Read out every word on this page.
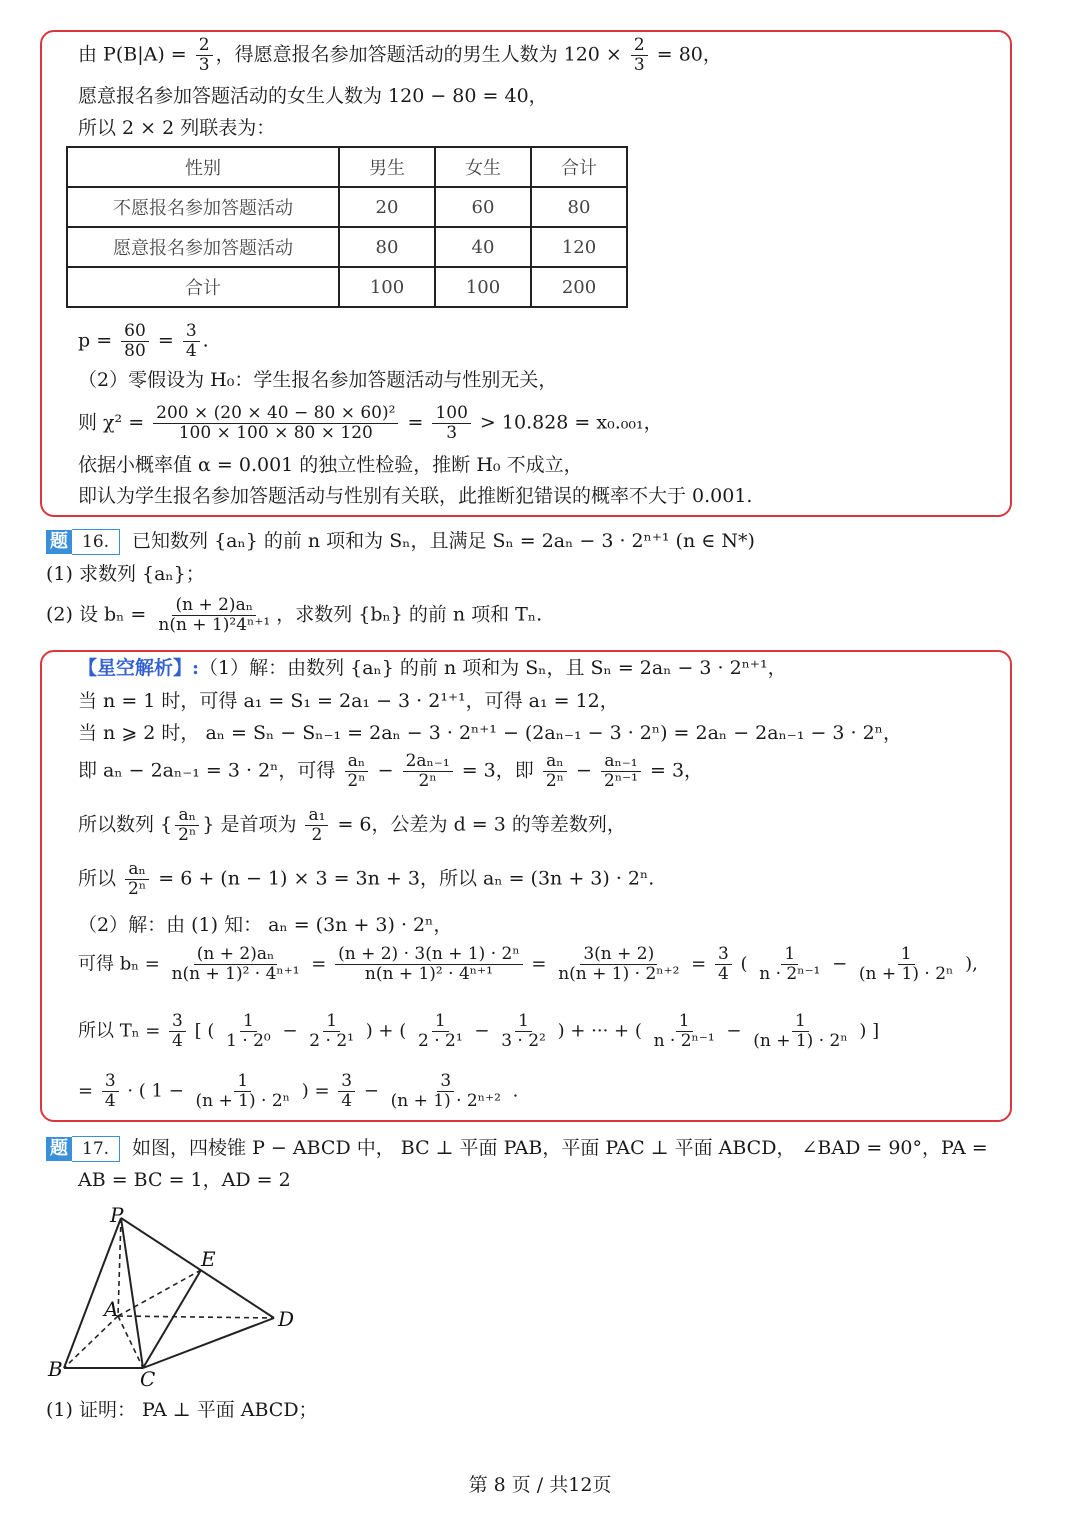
由 $P(B|A) = \frac{2}{3}$ ，得愿意报名参加答题活动的男生人数为 $120 \times \frac{2}{3} = 80$，
愿意报名参加答题活动的女生人数为 120 − 80 = 40，
所以 2 × 2 列联表为：
性别	男生	女生	合计
不愿报名参加答题活动	20	60	80
愿意报名参加答题活动	80	40	120
合计	100	100	200
$p = \frac{60}{80} = \frac{3}{4}$ .
（2）零假设为 H₀：学生报名参加答题活动与性别无关，
则 $\chi^2 = \frac{\text{200 × (20 × 40 − 80 × 60)²}}{100 \times 100 \times 80 \times 120} = \frac{100}{3} > 10.828 = x_0._{001}$，
依据小概率值 α = 0.001 的独立性检验，推断 H₀ 不成立，
即认为学生报名参加答题活动与性别有关联，此推断犯错误的概率不大于 0.001.
题 16. 已知数列 {aₙ} 的前 n 项和为 Sₙ，且满足 Sₙ = 2aₙ − 3 · 2ⁿ⁺¹ (n ∈ N*)
(1) 求数列 {aₙ}；
(2) 设 $b_n = \frac{\text{(n + 2)aₙ}}{\text{n(n + 1)²4ⁿ⁺¹}}$ ，求数列 {bₙ} 的前 n 项和 Tₙ.
【星空解析】:（1）解：由数列 {aₙ} 的前 n 项和为 Sₙ，且 Sₙ = 2aₙ − 3 · 2ⁿ⁺¹，
当 n = 1 时，可得 a₁ = S₁ = 2a₁ − 3 · 2¹⁺¹，可得 a₁ = 12，
当 n ⩾ 2 时， aₙ = Sₙ − Sₙ₋₁ = 2aₙ − 3 · 2ⁿ⁺¹ − (2aₙ₋₁ − 3 · 2ⁿ) = 2aₙ − 2aₙ₋₁ − 3 · 2ⁿ，
即 aₙ − 2aₙ₋₁ = 3 · 2ⁿ，可得 $\frac{\text{aₙ}}{\text{2ⁿ}} - \frac{\text{2aₙ₋₁}}{\text{2ⁿ}} = 3$，即 $\frac{\text{aₙ}}{\text{2ⁿ}} - \frac{\text{aₙ₋₁}}{\text{2ⁿ⁻¹}} = 3$，
所以数列 { $\frac{\text{aₙ}}{\text{2ⁿ}}$ } 是首项为 $\frac{\text{a₁}}{2} = 6$，公差为 d = 3 的等差数列，
所以 $\frac{\text{aₙ}}{\text{2ⁿ}} = 6 + (n - 1) \times 3 = 3n + 3$，所以 aₙ = (3n + 3) · 2ⁿ.
（2）解：由 (1) 知： aₙ = (3n + 3) · 2ⁿ，
可得 $b_n = \frac{\text{(n + 2)aₙ}}{\text{n(n + 1)² · 4ⁿ⁺¹}} = \frac{\text{(n + 2) · 3(n + 1) · 2ⁿ}}{\text{n(n + 1)² · 4ⁿ⁺¹}} = \frac{3(n + 2)}{\text{n(n + 1) · 2ⁿ⁺²}} = \frac{3}{4}$ ( $\frac{1}{\text{n · 2ⁿ⁻¹}} - \frac{1}{\text{(n + 1) · 2ⁿ}}$ ),
所以 $T_n = \frac{3}{4}$ [ ( $\frac{1}{\text{1 · 2⁰}} - \frac{1}{\text{2 · 2¹}}$ ) + ( $\frac{1}{\text{2 · 2¹}} - \frac{1}{\text{3 · 2²}}$ ) + ··· + ( $\frac{1}{\text{n · 2ⁿ⁻¹}} - \frac{1}{\text{(n + 1) · 2ⁿ}}$ ) ]
= $\frac{3}{4}$ · ( $1 - \frac{1}{\text{(n + 1) · 2ⁿ}}$ ) = $\frac{3}{4} - \frac{3}{\text{(n + 1) · 2ⁿ⁺²}}$ .
题 17. 如图，四棱锥 P − ABCD 中， BC ⊥ 平面 PAB，平面 PAC ⊥ 平面 ABCD， ∠BAD = 90°，PA =
AB = BC = 1，AD = 2
P
E
A	D
B	C
(1) 证明： PA ⊥ 平面 ABCD；
第 8 页 / 共12页
